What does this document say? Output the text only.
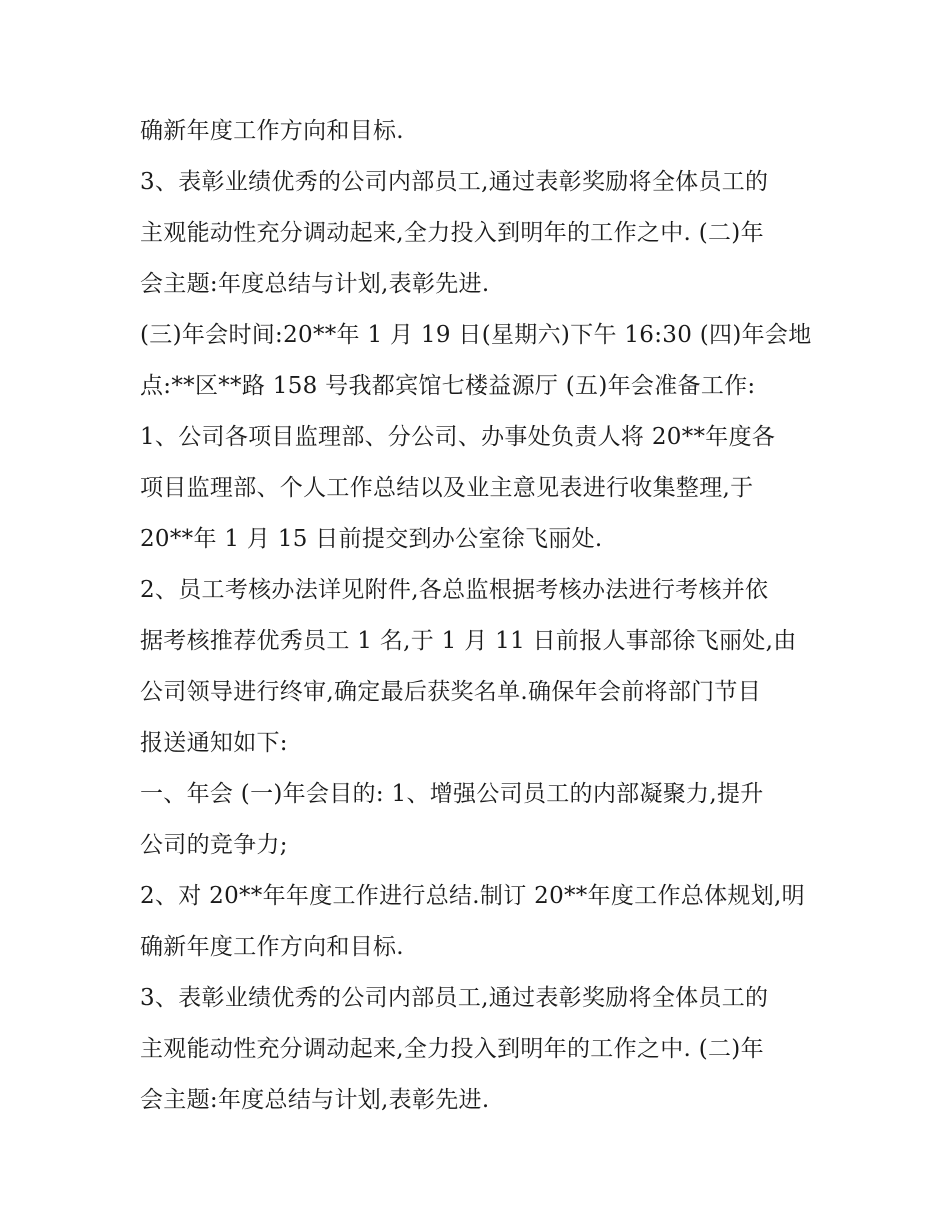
确新年度工作方向和目标.
3、表彰业绩优秀的公司内部员工,通过表彰奖励将全体员工的
主观能动性充分调动起来,全力投入到明年的工作之中. (二)年
会主题:年度总结与计划,表彰先进.
(三)年会时间:20**年 1 月 19 日(星期六)下午 16:30 (四)年会地
点:**区**路 158 号我都宾馆七楼益源厅 (五)年会准备工作:
1、公司各项目监理部、分公司、办事处负责人将 20**年度各
项目监理部、个人工作总结以及业主意见表进行收集整理,于
20**年 1 月 15 日前提交到办公室徐飞丽处.
2、员工考核办法详见附件,各总监根据考核办法进行考核并依
据考核推荐优秀员工 1 名,于 1 月 11 日前报人事部徐飞丽处,由
公司领导进行终审,确定最后获奖名单.确保年会前将部门节目
报送通知如下:
一、年会 (一)年会目的: 1、增强公司员工的内部凝聚力,提升
公司的竞争力;
2、对 20**年年度工作进行总结.制订 20**年度工作总体规划,明
确新年度工作方向和目标.
3、表彰业绩优秀的公司内部员工,通过表彰奖励将全体员工的
主观能动性充分调动起来,全力投入到明年的工作之中. (二)年
会主题:年度总结与计划,表彰先进.
